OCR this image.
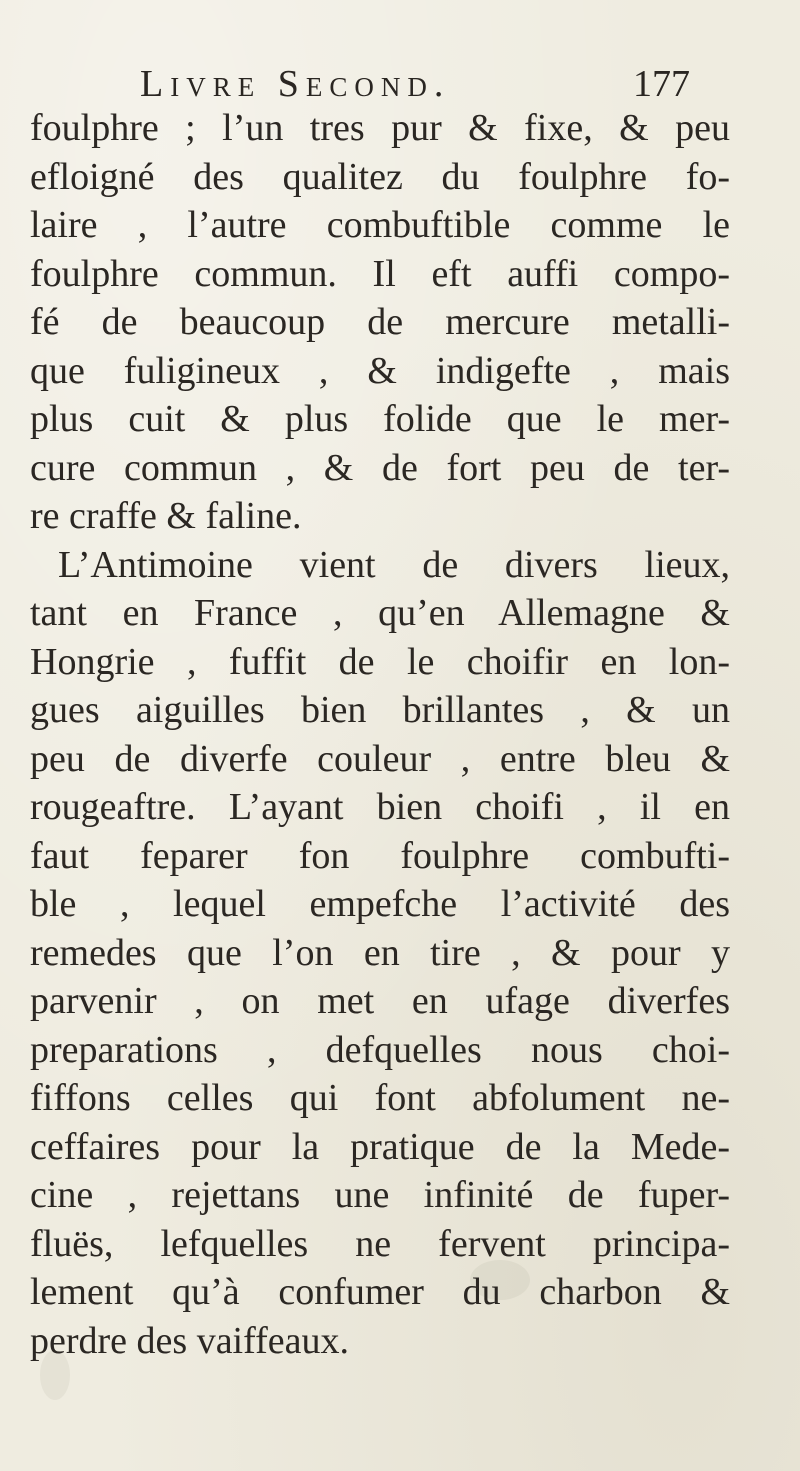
Livre Second.	177
foulphre ; l’un tres pur & fixe, & peu
efloigné des qualitez du foulphre fo-
laire , l’autre combuftible comme le
foulphre commun. Il eft auffi compo-
fé de beaucoup de mercure metalli-
que fuligineux , & indigefte , mais
plus cuit & plus folide que le mer-
cure commun , & de fort peu de ter-
re craffe & faline.
L’Antimoine vient de divers lieux,
tant en France , qu’en Allemagne &
Hongrie , fuffit de le choifir en lon-
gues aiguilles bien brillantes , & un
peu de diverfe couleur , entre bleu &
rougeaftre. L’ayant bien choifi , il en
faut feparer fon foulphre combufti-
ble , lequel empefche l’activité des
remedes que l’on en tire , & pour y
parvenir , on met en ufage diverfes
preparations , defquelles nous choi-
fiffons celles qui font abfolument ne-
ceffaires pour la pratique de la Mede-
cine , rejettans une infinité de fuper-
fluës, lefquelles ne fervent principa-
lement qu’à confumer du charbon &
perdre des vaiffeaux.
